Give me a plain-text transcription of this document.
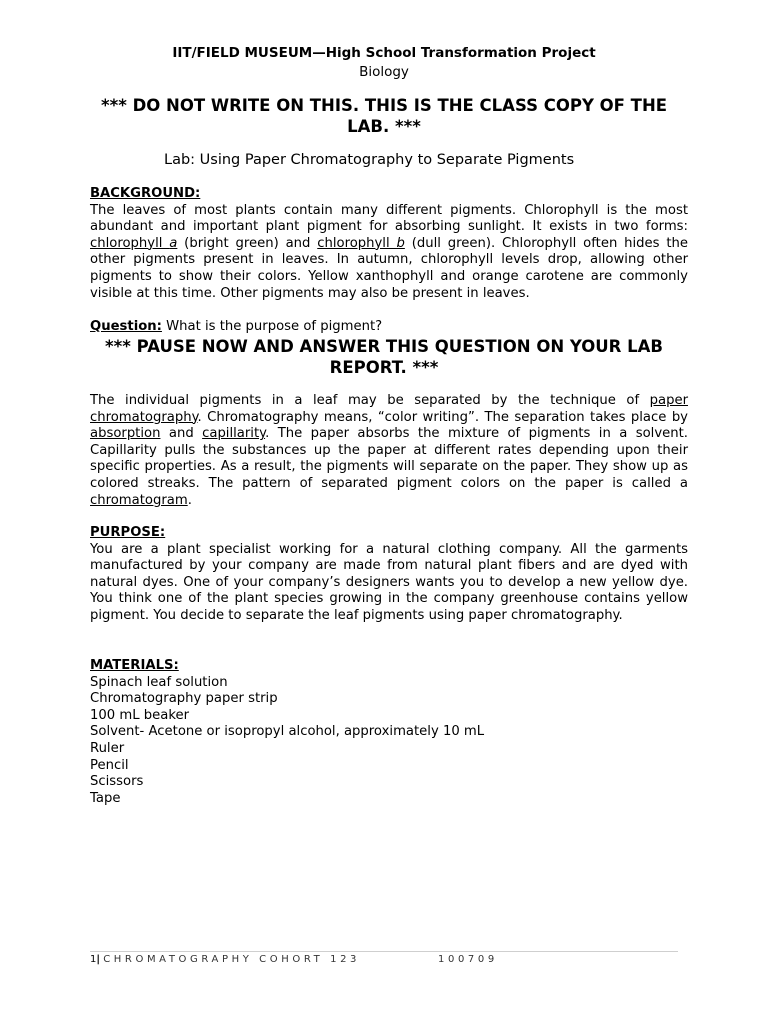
IIT/FIELD MUSEUM—High School Transformation Project
Biology
*** DO NOT WRITE ON THIS. THIS IS THE CLASS COPY OF THE LAB. ***
Lab: Using Paper Chromatography to Separate Pigments
BACKGROUND:
The leaves of most plants contain many different pigments. Chlorophyll is the most abundant and important plant pigment for absorbing sunlight. It exists in two forms: chlorophyll a (bright green) and chlorophyll b (dull green). Chlorophyll often hides the other pigments present in leaves. In autumn, chlorophyll levels drop, allowing other pigments to show their colors. Yellow xanthophyll and orange carotene are commonly visible at this time. Other pigments may also be present in leaves.
Question: What is the purpose of pigment?
*** PAUSE NOW AND ANSWER THIS QUESTION ON YOUR LAB REPORT. ***
The individual pigments in a leaf may be separated by the technique of paper chromatography. Chromatography means, “color writing”. The separation takes place by absorption and capillarity. The paper absorbs the mixture of pigments in a solvent. Capillarity pulls the substances up the paper at different rates depending upon their specific properties. As a result, the pigments will separate on the paper. They show up as colored streaks. The pattern of separated pigment colors on the paper is called a chromatogram.
PURPOSE:
You are a plant specialist working for a natural clothing company. All the garments manufactured by your company are made from natural plant fibers and are dyed with natural dyes. One of your company’s designers wants you to develop a new yellow dye. You think one of the plant species growing in the company greenhouse contains yellow pigment. You decide to separate the leaf pigments using paper chromatography.
MATERIALS:
Spinach leaf solution
Chromatography paper strip
100 mL beaker
Solvent- Acetone or isopropyl alcohol, approximately 10 mL
Ruler
Pencil
Scissors
Tape
1| CHROMATOGRAPHY COHORT 123	100709
